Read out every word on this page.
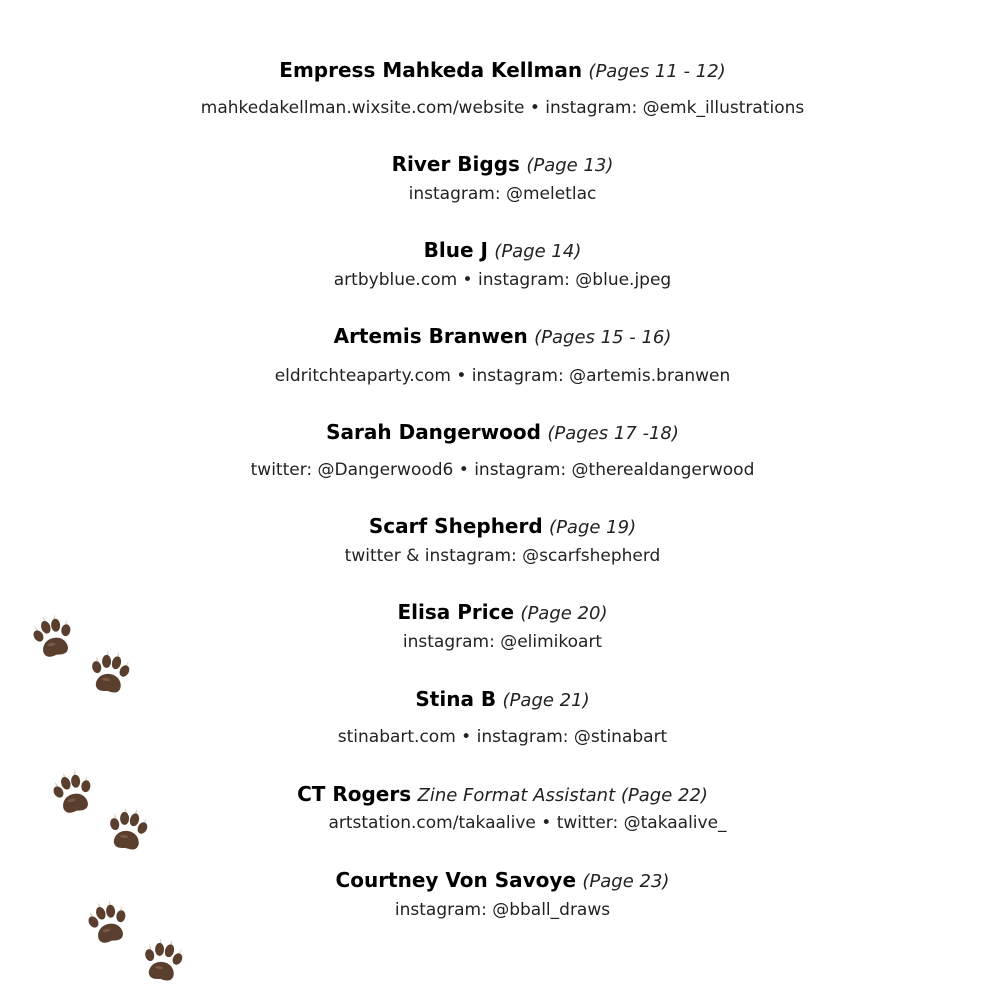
Empress Mahkeda Kellman (Pages 11 - 12)
mahkedakellman.wixsite.com/website • instagram: @emk_illustrations
River Biggs (Page 13)
instagram: @meletlac
Blue J (Page 14)
artbyblue.com • instagram: @blue.jpeg
Artemis Branwen (Pages 15 - 16)
eldritchteaparty.com • instagram: @artemis.branwen
Sarah Dangerwood (Pages 17 -18)
twitter: @Dangerwood6 • instagram: @therealdangerwood
Scarf Shepherd (Page 19)
twitter & instagram: @scarfshepherd
Elisa Price (Page 20)
instagram: @elimikoart
Stina B (Page 21)
stinabart.com • instagram: @stinabart
CT Rogers Zine Format Assistant (Page 22)
artstation.com/takaalive • twitter: @takaalive_
Courtney Von Savoye (Page 23)
instagram: @bball_draws
